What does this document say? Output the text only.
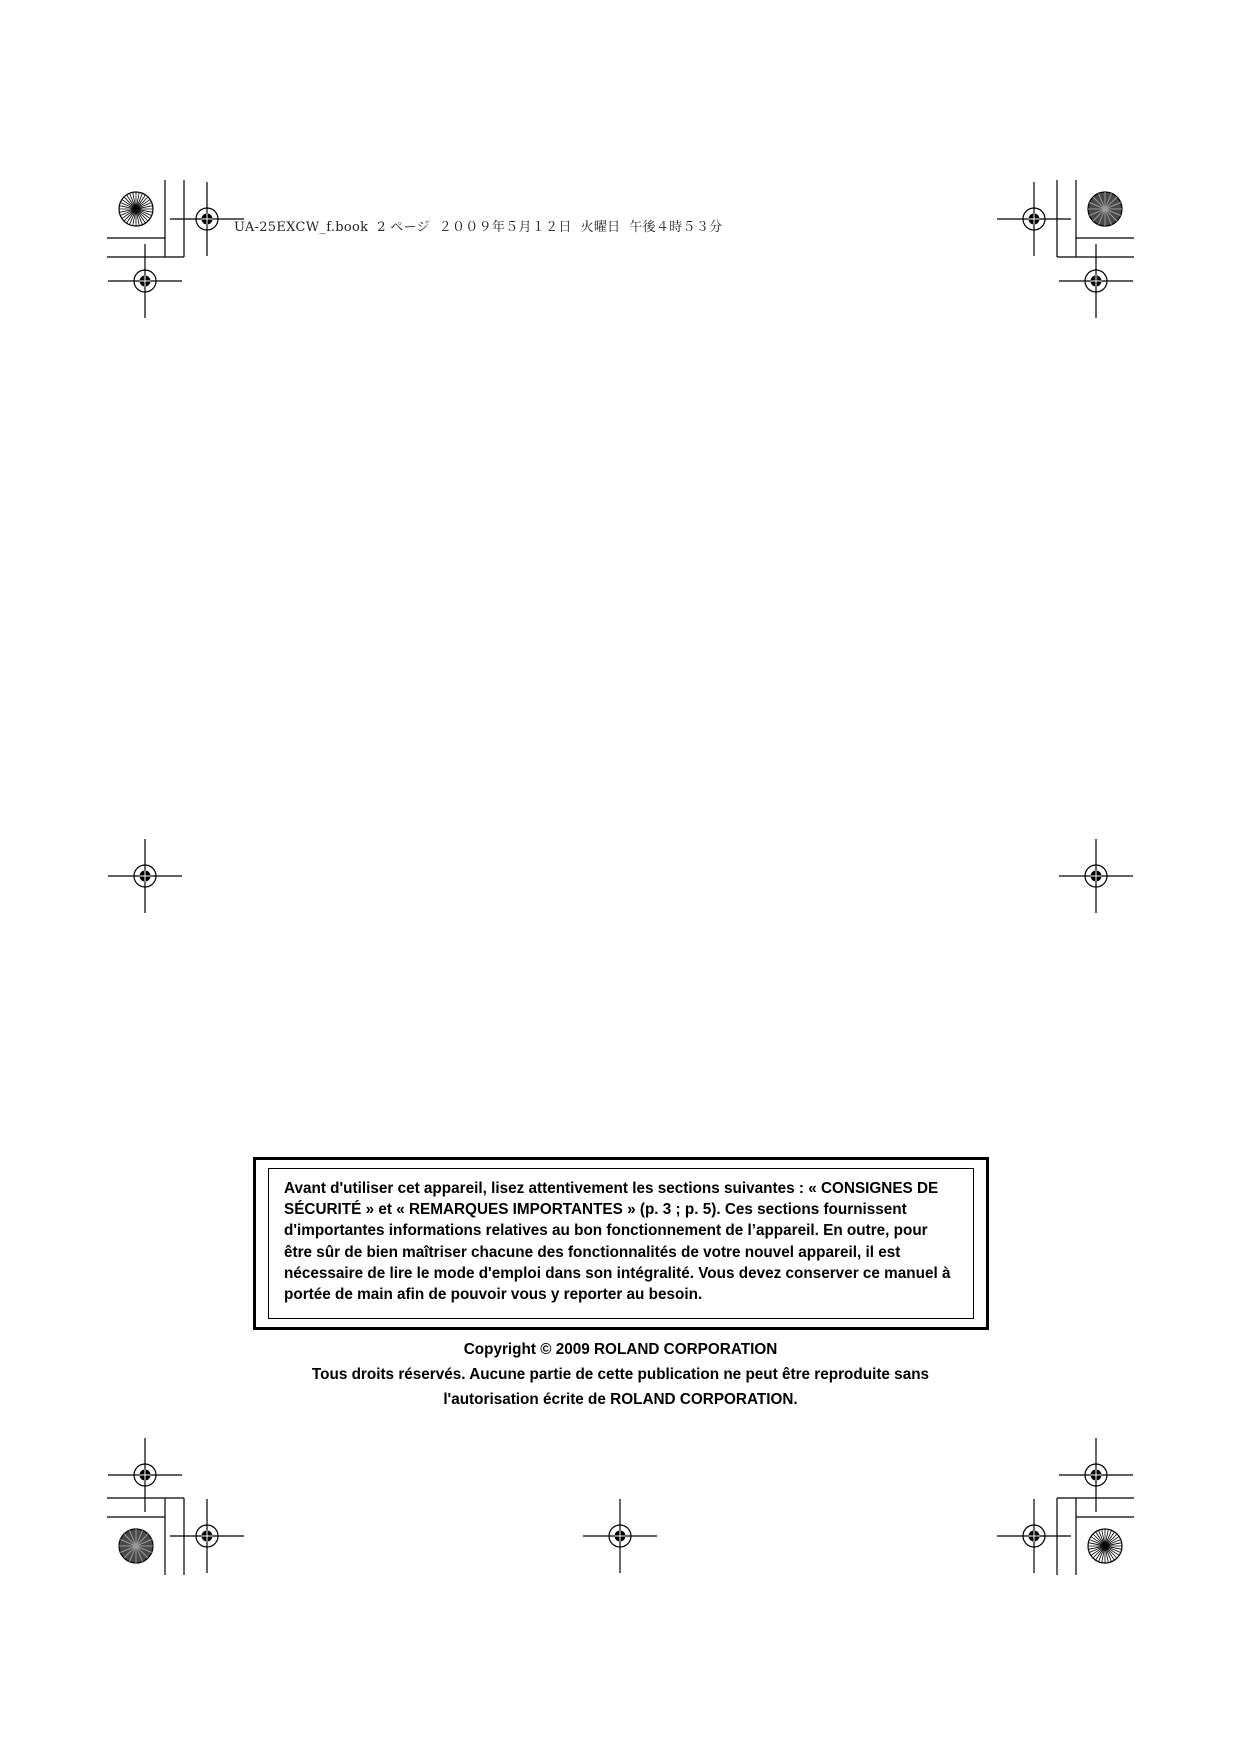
UA-25EXCW_f.book  2 ページ  ２００９年５月１２日  火曜日  午後４時５３分
Avant d'utiliser cet appareil, lisez attentivement les sections suivantes : « CONSIGNES DE
SÉCURITÉ » et « REMARQUES IMPORTANTES » (p. 3 ; p. 5). Ces sections fournissent
d'importantes informations relatives au bon fonctionnement de l’appareil. En outre, pour
être sûr de bien maîtriser chacune des fonctionnalités de votre nouvel appareil, il est
nécessaire de lire le mode d'emploi dans son intégralité. Vous devez conserver ce manuel à
portée de main afin de pouvoir vous y reporter au besoin.
Copyright © 2009 ROLAND CORPORATION
Tous droits réservés. Aucune partie de cette publication ne peut être reproduite sans
l'autorisation écrite de ROLAND CORPORATION.
